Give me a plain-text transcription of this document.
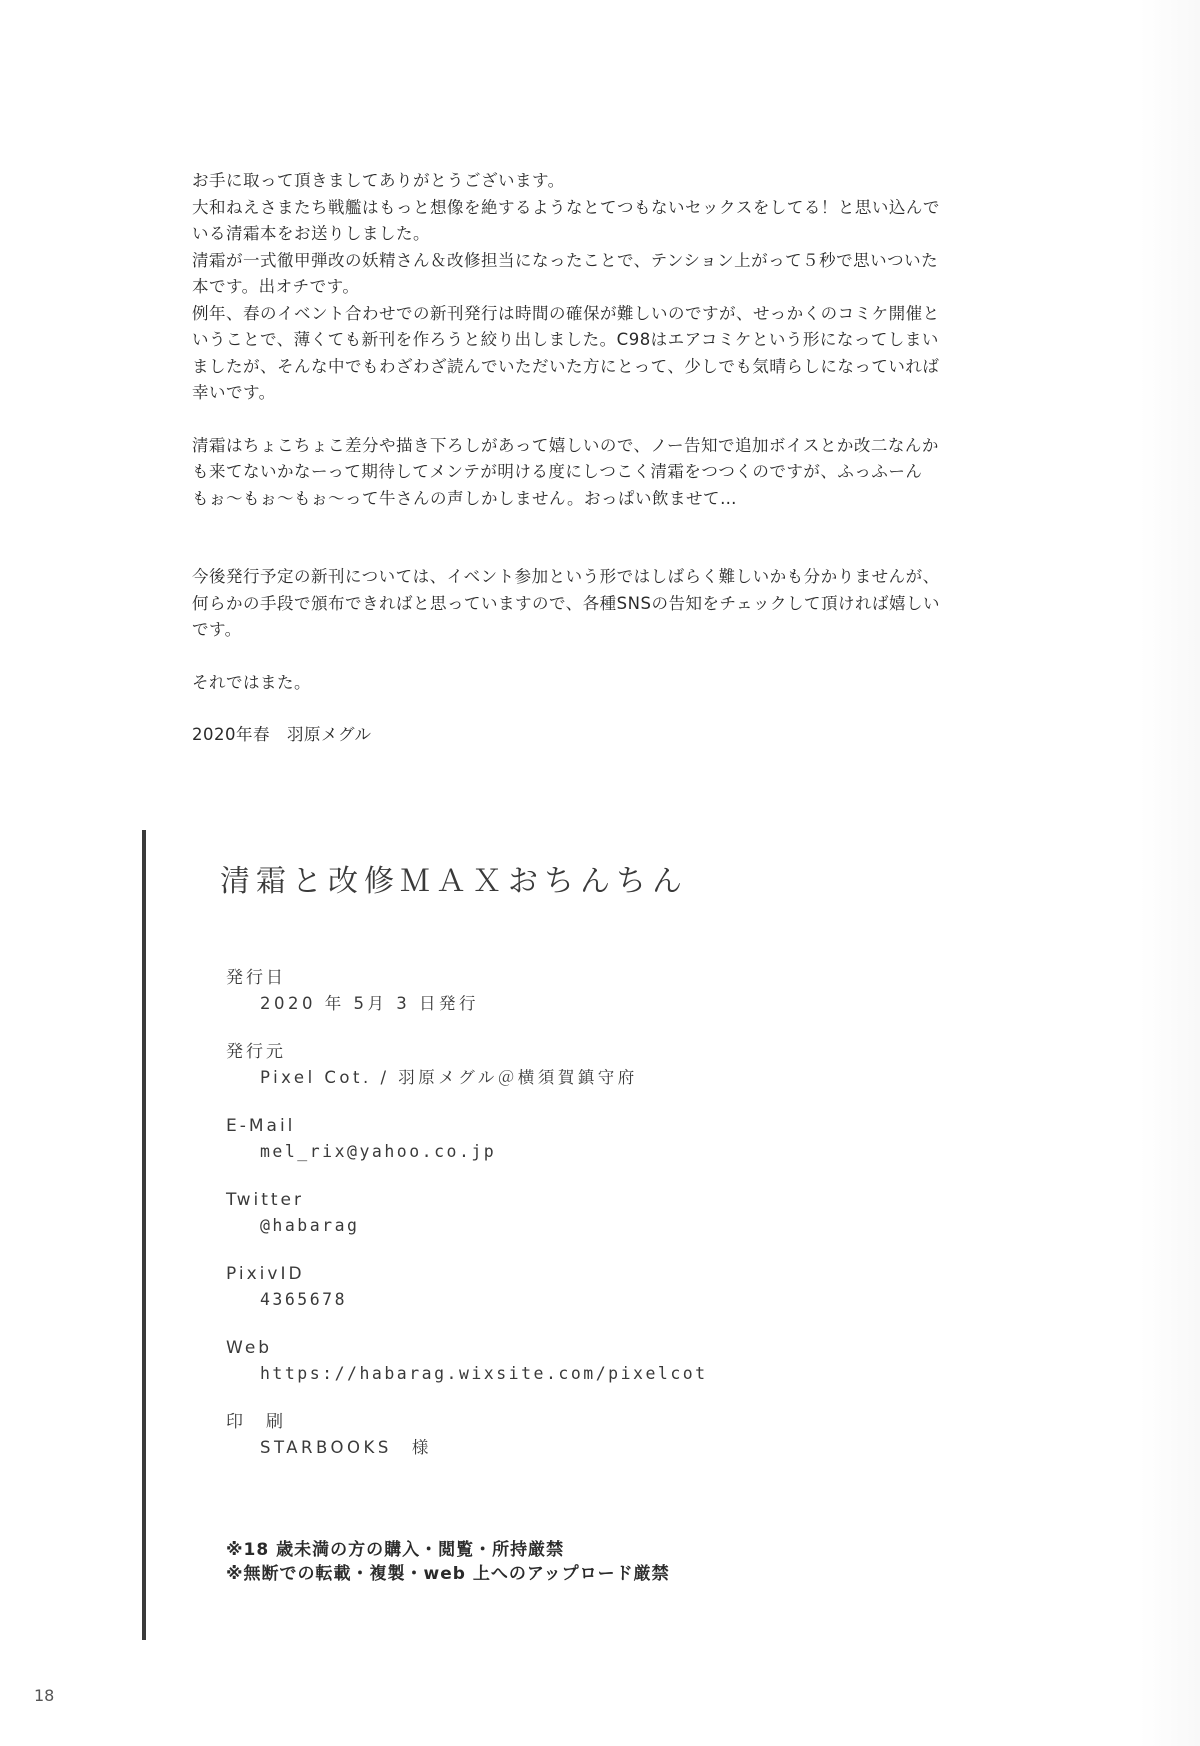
お手に取って頂きましてありがとうございます。
大和ねえさまたち戦艦はもっと想像を絶するようなとてつもないセックスをしてる！と思い込んで
いる清霜本をお送りしました。
清霜が一式徹甲弾改の妖精さん＆改修担当になったことで、テンション上がって５秒で思いついた
本です。出オチです。
例年、春のイベント合わせでの新刊発行は時間の確保が難しいのですが、せっかくのコミケ開催と
いうことで、薄くても新刊を作ろうと絞り出しました。C98はエアコミケという形になってしまい
ましたが、そんな中でもわざわざ読んでいただいた方にとって、少しでも気晴らしになっていれば
幸いです。
清霜はちょこちょこ差分や描き下ろしがあって嬉しいので、ノー告知で追加ボイスとか改二なんか
も来てないかなーって期待してメンテが明ける度にしつこく清霜をつつくのですが、ふっふーん
もぉ～もぉ～もぉ～って牛さんの声しかしません。おっぱい飲ませて…
今後発行予定の新刊については、イベント参加という形ではしばらく難しいかも分かりませんが、
何らかの手段で頒布できればと思っていますので、各種SNSの告知をチェックして頂ければ嬉しい
です。
それではまた。
2020年春　羽原メグル
清霜と改修ＭＡＸおちんちん
発行日
2020 年 5月 3 日発行
発行元
Pixel Cot. / 羽原メグル＠横須賀鎮守府
E-Mail
mel_rix@yahoo.co.jp
Twitter
@habarag
PixivID
4365678
Web
https://habarag.wixsite.com/pixelcot
印　刷
STARBOOKS　様
※18 歳未満の方の購入・閲覧・所持厳禁
※無断での転載・複製・web 上へのアップロード厳禁
18
